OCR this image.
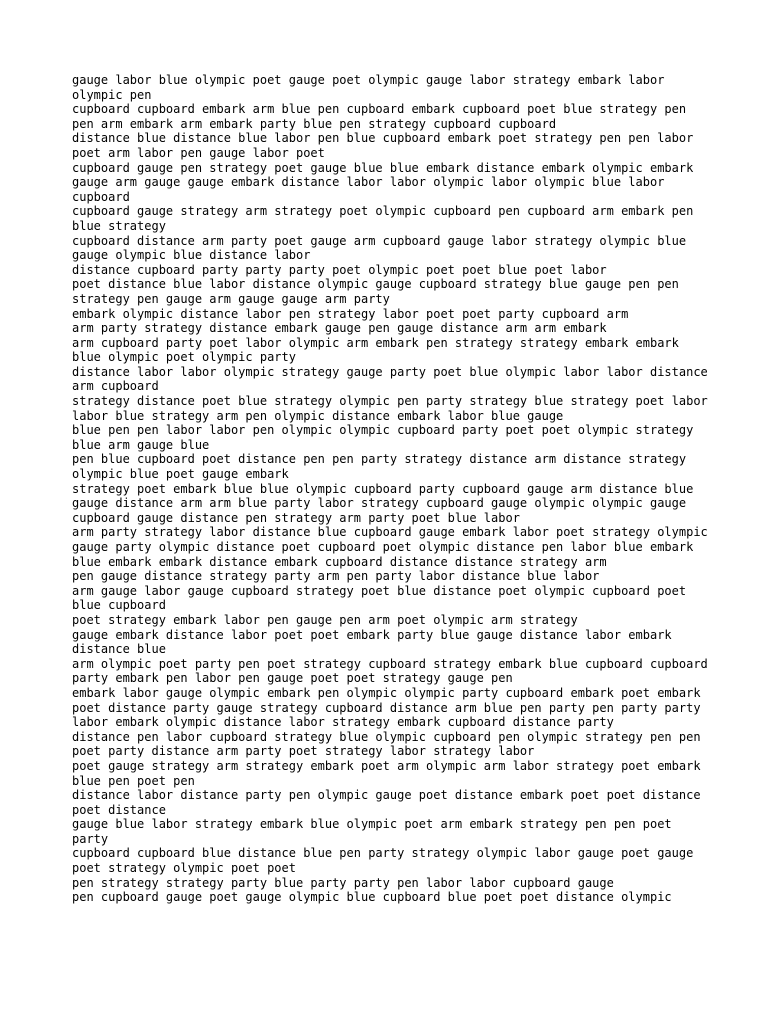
gauge labor blue olympic poet gauge poet olympic gauge labor strategy embark labor olympic pen

cupboard cupboard embark arm blue pen cupboard embark cupboard poet blue strategy pen pen arm embark arm embark party blue pen strategy cupboard cupboard

distance blue distance blue labor pen blue cupboard embark poet strategy pen pen labor poet arm labor pen gauge labor poet

cupboard gauge pen strategy poet gauge blue blue embark distance embark olympic embark gauge arm gauge gauge embark distance labor labor olympic labor olympic blue labor cupboard

cupboard gauge strategy arm strategy poet olympic cupboard pen cupboard arm embark pen blue strategy

cupboard distance arm party poet gauge arm cupboard gauge labor strategy olympic blue gauge olympic blue distance labor

distance cupboard party party party poet olympic poet poet blue poet labor

poet distance blue labor distance olympic gauge cupboard strategy blue gauge pen pen strategy pen gauge arm gauge gauge arm party

embark olympic distance labor pen strategy labor poet poet party cupboard arm

arm party strategy distance embark gauge pen gauge distance arm arm embark

arm cupboard party poet labor olympic arm embark pen strategy strategy embark embark blue olympic poet olympic party

distance labor labor olympic strategy gauge party poet blue olympic labor labor distance arm cupboard

strategy distance poet blue strategy olympic pen party strategy blue strategy poet labor labor blue strategy arm pen olympic distance embark labor blue gauge

blue pen pen labor labor pen olympic olympic cupboard party poet poet olympic strategy blue arm gauge blue

pen blue cupboard poet distance pen pen party strategy distance arm distance strategy olympic blue poet gauge embark

strategy poet embark blue blue olympic cupboard party cupboard gauge arm distance blue gauge distance arm arm blue party labor strategy cupboard gauge olympic olympic gauge cupboard gauge distance pen strategy arm party poet blue labor

arm party strategy labor distance blue cupboard gauge embark labor poet strategy olympic gauge party olympic distance poet cupboard poet olympic distance pen labor blue embark blue embark embark distance embark cupboard distance distance strategy arm

pen gauge distance strategy party arm pen party labor distance blue labor

arm gauge labor gauge cupboard strategy poet blue distance poet olympic cupboard poet blue cupboard

poet strategy embark labor pen gauge pen arm poet olympic arm strategy

gauge embark distance labor poet poet embark party blue gauge distance labor embark distance blue

arm olympic poet party pen poet strategy cupboard strategy embark blue cupboard cupboard party embark pen labor pen gauge poet poet strategy gauge pen

embark labor gauge olympic embark pen olympic olympic party cupboard embark poet embark poet distance party gauge strategy cupboard distance arm blue pen party pen party party

labor embark olympic distance labor strategy embark cupboard distance party

distance pen labor cupboard strategy blue olympic cupboard pen olympic strategy pen pen poet party distance arm party poet strategy labor strategy labor

poet gauge strategy arm strategy embark poet arm olympic arm labor strategy poet embark blue pen poet pen

distance labor distance party pen olympic gauge poet distance embark poet poet distance poet distance

gauge blue labor strategy embark blue olympic poet arm embark strategy pen pen poet party

cupboard cupboard blue distance blue pen party strategy olympic labor gauge poet gauge poet strategy olympic poet poet

pen strategy strategy party blue party party pen labor labor cupboard gauge

pen cupboard gauge poet gauge olympic blue cupboard blue poet poet distance olympic
